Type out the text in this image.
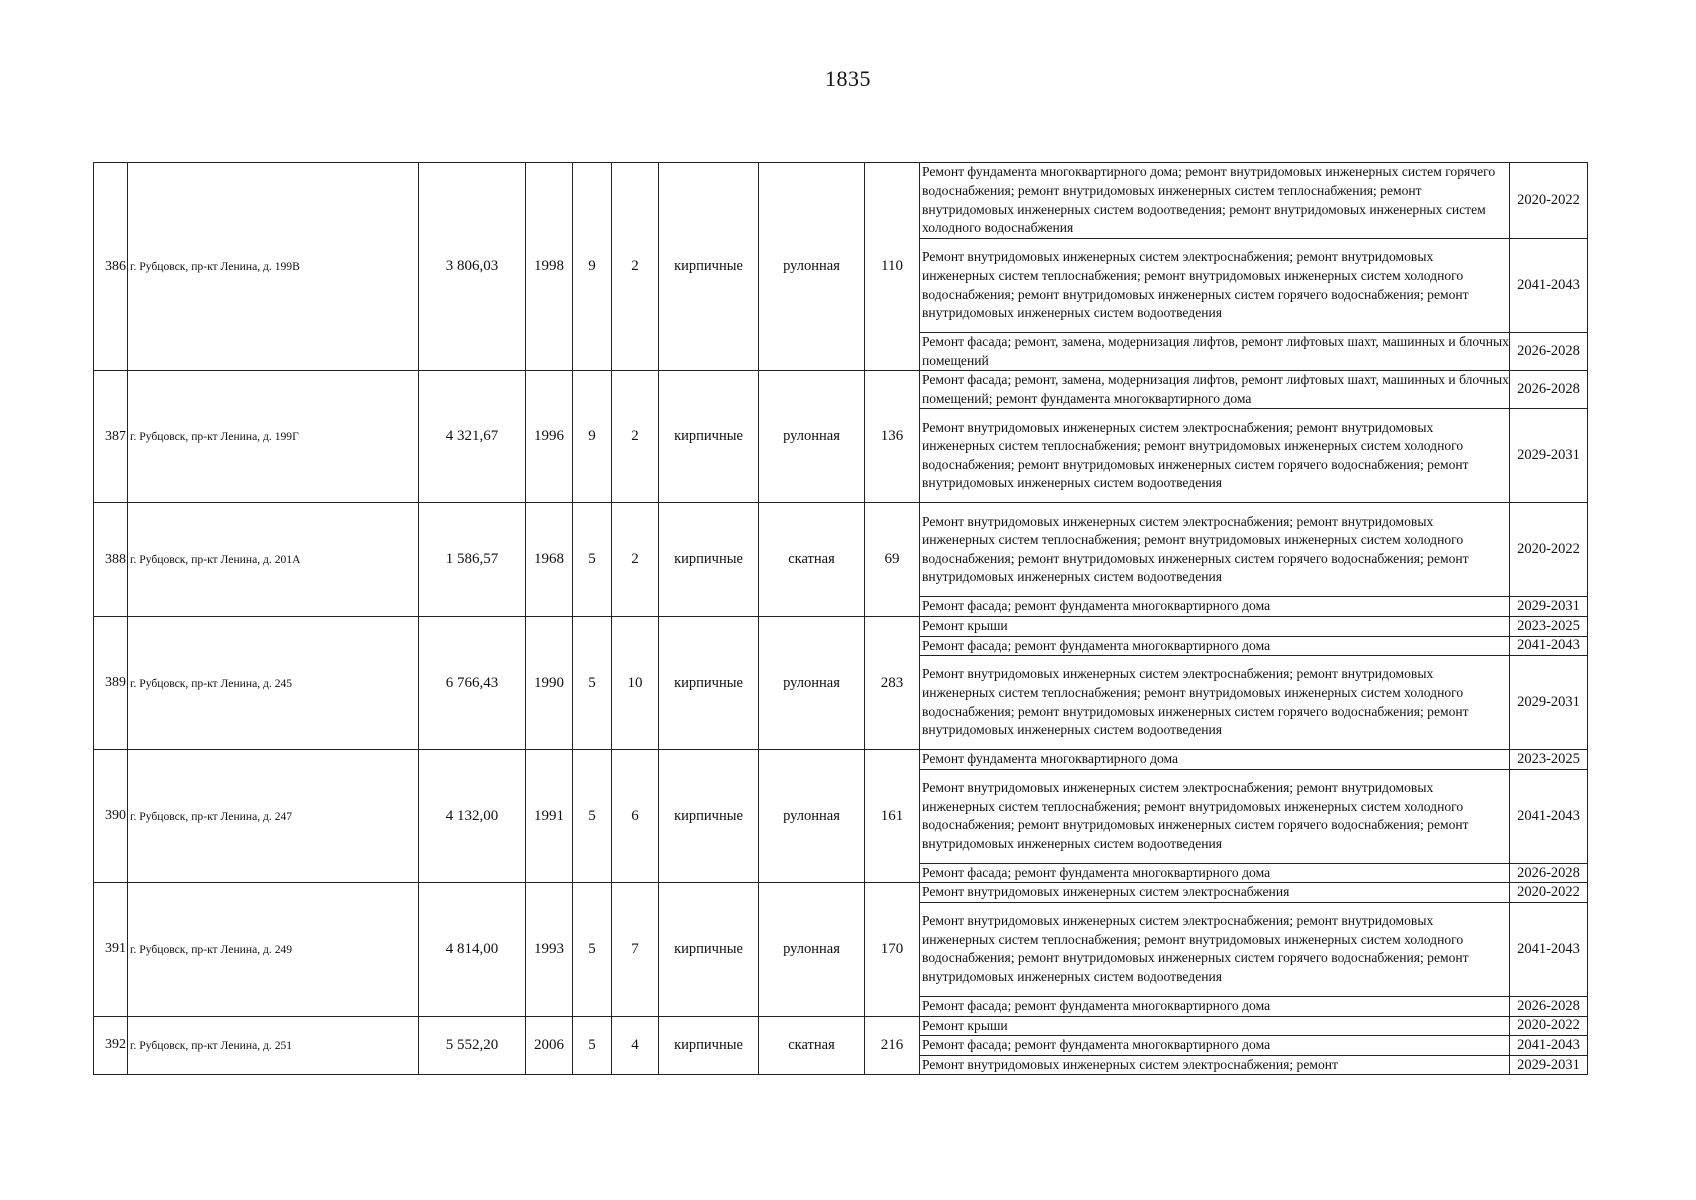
1835
386	г. Рубцовск, пр-кт Ленина, д. 199В	3 806,03	1998	9	2	кирпичные	рулонная	110	Ремонт фундамента многоквартирного дома; ремонт внутридомовых инженерных систем горячего водоснабжения; ремонт внутридомовых инженерных систем теплоснабжения; ремонт внутридомовых инженерных систем водоотведения; ремонт внутридомовых инженерных систем холодного водоснабжения	2020-2022
									Ремонт внутридомовых инженерных систем электроснабжения; ремонт внутридомовых инженерных систем теплоснабжения; ремонт внутридомовых инженерных систем холодного водоснабжения; ремонт внутридомовых инженерных систем горячего водоснабжения; ремонт внутридомовых инженерных систем водоотведения	2041-2043
									Ремонт фасада; ремонт, замена, модернизация лифтов, ремонт лифтовых шахт, машинных и блочных помещений	2026-2028
387	г. Рубцовск, пр-кт Ленина, д. 199Г	4 321,67	1996	9	2	кирпичные	рулонная	136	Ремонт фасада; ремонт, замена, модернизация лифтов, ремонт лифтовых шахт, машинных и блочных помещений; ремонт фундамента многоквартирного дома	2026-2028
									Ремонт внутридомовых инженерных систем электроснабжения; ремонт внутридомовых инженерных систем теплоснабжения; ремонт внутридомовых инженерных систем холодного водоснабжения; ремонт внутридомовых инженерных систем горячего водоснабжения; ремонт внутридомовых инженерных систем водоотведения	2029-2031
388	г. Рубцовск, пр-кт Ленина, д. 201А	1 586,57	1968	5	2	кирпичные	скатная	69	Ремонт внутридомовых инженерных систем электроснабжения; ремонт внутридомовых инженерных систем теплоснабжения; ремонт внутридомовых инженерных систем холодного водоснабжения; ремонт внутридомовых инженерных систем горячего водоснабжения; ремонт внутридомовых инженерных систем водоотведения	2020-2022
									Ремонт фасада; ремонт фундамента многоквартирного дома	2029-2031
389	г. Рубцовск, пр-кт Ленина, д. 245	6 766,43	1990	5	10	кирпичные	рулонная	283	Ремонт крыши	2023-2025
									Ремонт фасада; ремонт фундамента многоквартирного дома	2041-2043
									Ремонт внутридомовых инженерных систем электроснабжения; ремонт внутридомовых инженерных систем теплоснабжения; ремонт внутридомовых инженерных систем холодного водоснабжения; ремонт внутридомовых инженерных систем горячего водоснабжения; ремонт внутридомовых инженерных систем водоотведения	2029-2031
390	г. Рубцовск, пр-кт Ленина, д. 247	4 132,00	1991	5	6	кирпичные	рулонная	161	Ремонт фундамента многоквартирного дома	2023-2025
									Ремонт внутридомовых инженерных систем электроснабжения; ремонт внутридомовых инженерных систем теплоснабжения; ремонт внутридомовых инженерных систем холодного водоснабжения; ремонт внутридомовых инженерных систем горячего водоснабжения; ремонт внутридомовых инженерных систем водоотведения	2041-2043
									Ремонт фасада; ремонт фундамента многоквартирного дома	2026-2028
391	г. Рубцовск, пр-кт Ленина, д. 249	4 814,00	1993	5	7	кирпичные	рулонная	170	Ремонт внутридомовых инженерных систем электроснабжения	2020-2022
									Ремонт внутридомовых инженерных систем электроснабжения; ремонт внутридомовых инженерных систем теплоснабжения; ремонт внутридомовых инженерных систем холодного водоснабжения; ремонт внутридомовых инженерных систем горячего водоснабжения; ремонт внутридомовых инженерных систем водоотведения	2041-2043
									Ремонт фасада; ремонт фундамента многоквартирного дома	2026-2028
392	г. Рубцовск, пр-кт Ленина, д. 251	5 552,20	2006	5	4	кирпичные	скатная	216	Ремонт крыши	2020-2022
									Ремонт фасада; ремонт фундамента многоквартирного дома	2041-2043
									Ремонт внутридомовых инженерных систем электроснабжения; ремонт	2029-2031
